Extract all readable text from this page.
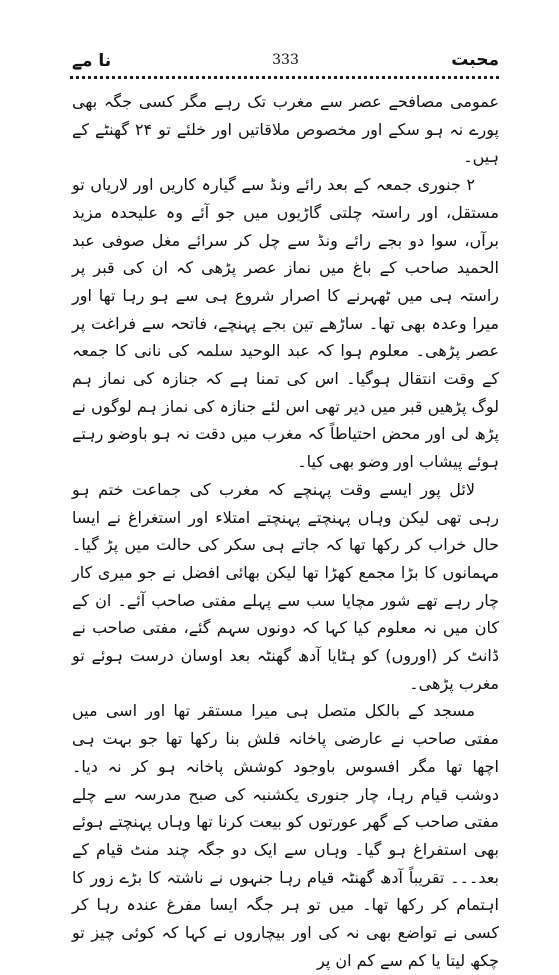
محبت
333
نا مے

عمومی مصافحے عصر سے مغرب تک رہے مگر کسی جگہ بھی پورے نہ ہو سکے اور مخصوص ملاقاتیں اور خلئے تو ۲۴ گھنٹے کے ہیں۔

۲ جنوری جمعہ کے بعد رائے ونڈ سے گیارہ کاریں اور لاریاں تو مستقل، اور راستہ چلتی گاڑیوں میں جو آئے وہ علیحدہ مزید برآں، سوا دو بجے رائے ونڈ سے چل کر سرائے مغل صوفی عبد الحمید صاحب کے باغ میں نماز عصر پڑھی کہ ان کی قبر پر راستہ ہی میں ٹھہرنے کا اصرار شروع ہی سے ہو رہا تھا اور میرا وعدہ بھی تھا۔ ساڑھے تین بجے پہنچے، فاتحہ سے فراغت پر عصر پڑھی۔ معلوم ہوا کہ عبد الوحید سلمہ کی نانی کا جمعہ کے وقت انتقال ہوگیا۔ اس کی تمنا ہے کہ جنازہ کی نماز ہم لوگ پڑھیں قبر میں دیر تھی اس لئے جنازہ کی نماز ہم لوگوں نے پڑھ لی اور محض احتیاطاً کہ مغرب میں دقت نہ ہو باوضو رہتے ہوئے پیشاب اور وضو بھی کیا۔

لائل پور ایسے وقت پہنچے کہ مغرب کی جماعت ختم ہو رہی تھی لیکن وہاں پہنچتے پہنچتے امتلاء اور استغراغ نے ایسا حال خراب کر رکھا تھا کہ جاتے ہی سکر کی حالت میں پڑ گیا۔ مہمانوں کا بڑا مجمع کھڑا تھا لیکن بھائی افضل نے جو میری کار چار رہے تھے شور مچایا سب سے پہلے مفتی صاحب آئے۔ ان کے کان میں نہ معلوم کیا کہا کہ دونوں سہم گئے، مفتی صاحب نے ڈانٹ کر (اوروں) کو ہٹایا آدھ گھنٹہ بعد اوسان درست ہوئے تو مغرب پڑھی۔

مسجد کے بالکل متصل ہی میرا مستقر تھا اور اسی میں مفتی صاحب نے عارضی پاخانہ فلش بنا رکھا تھا جو بہت ہی اچھا تھا مگر افسوس باوجود کوشش پاخانہ ہو کر نہ دیا۔ دوشب قیام رہا، چار جنوری یکشنبہ کی صبح مدرسہ سے چلے مفتی صاحب کے گھر عورتوں کو بیعت کرنا تھا وہاں پہنچتے ہوئے بھی استفراغ ہو گیا۔ وہاں سے ایک دو جگہ چند منٹ قیام کے بعد۔۔۔ تقریباً آدھ گھنٹہ قیام رہا جنہوں نے ناشتہ کا بڑے زور کا اہتمام کر رکھا تھا۔ میں تو ہر جگہ ایسا مفرغ عندہ رہا کر کسی نے تواضع بھی نہ کی اور بیچاروں نے کہا کہ کوئی چیز تو چکھ لیتا یا کم سے کم ان پر
